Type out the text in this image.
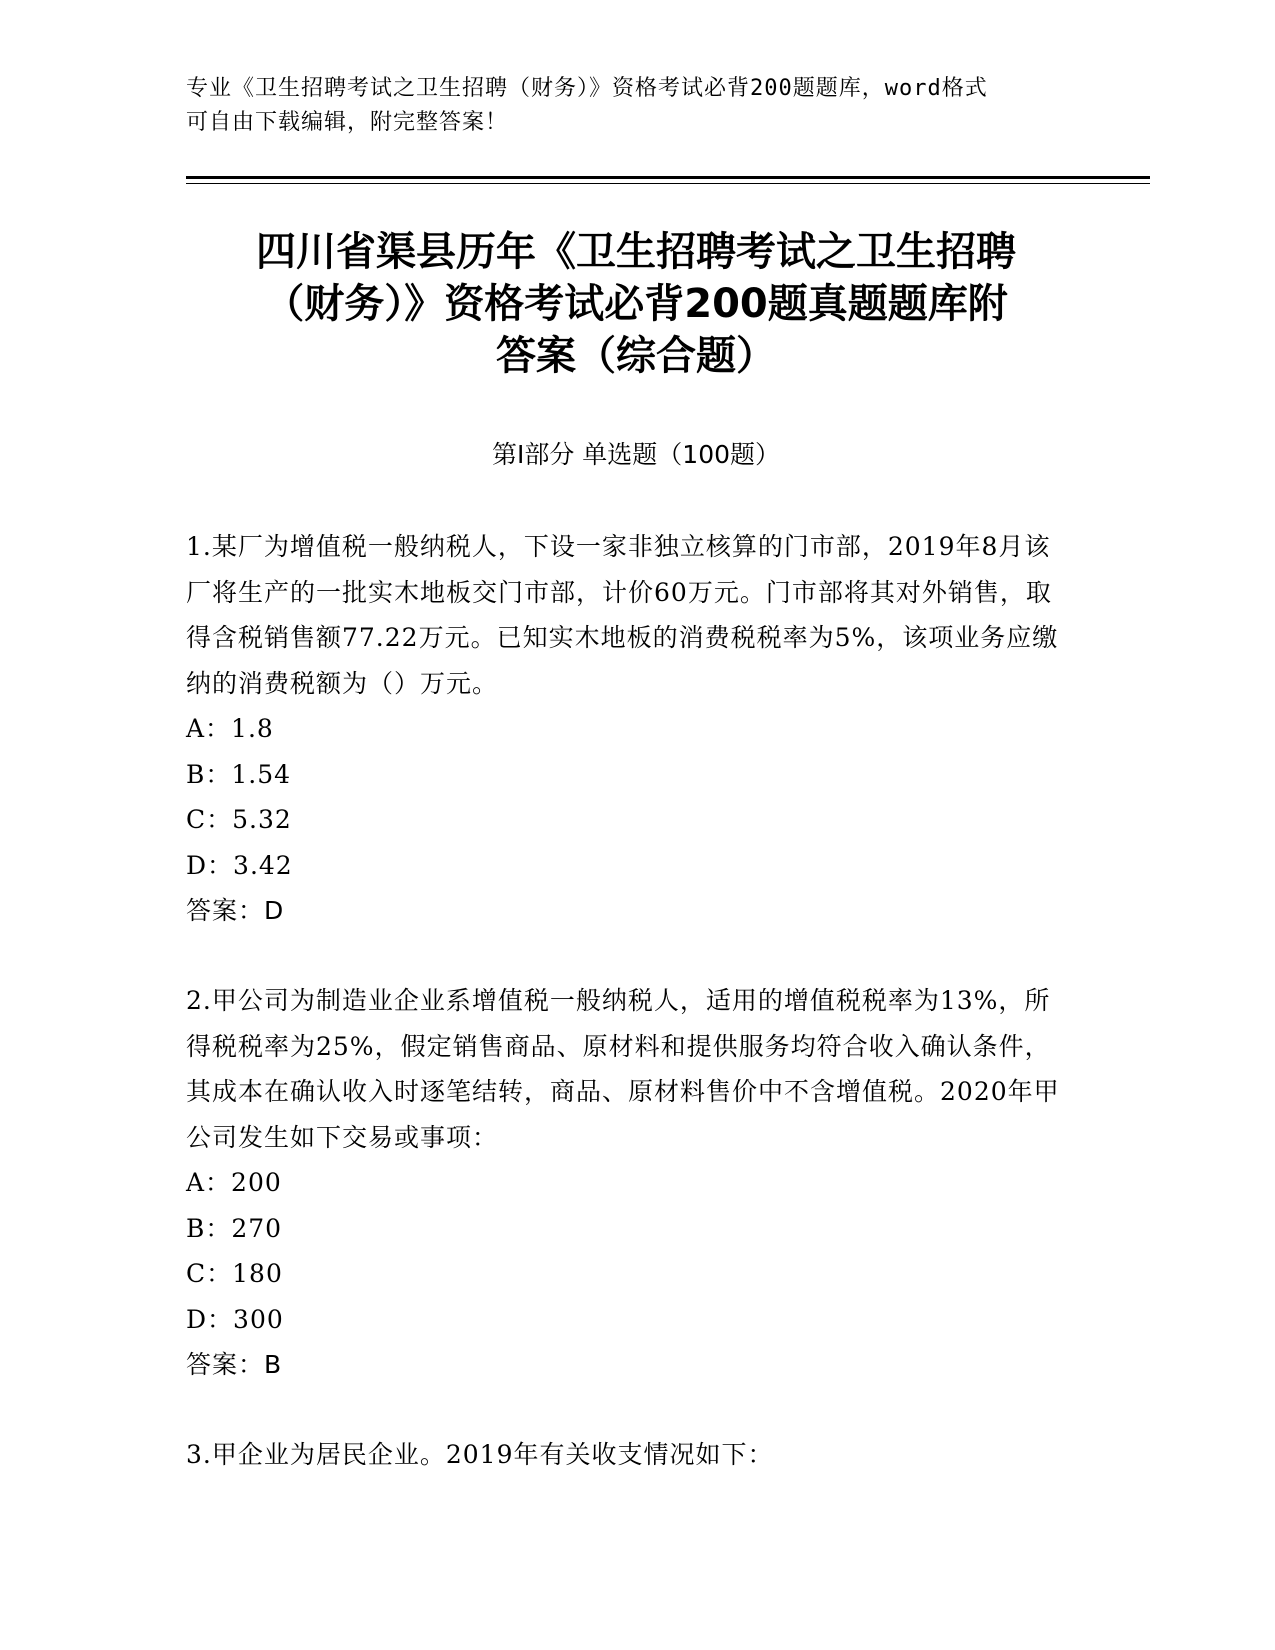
专业《卫生招聘考试之卫生招聘（财务）》资格考试必背200题题库，word格式
可自由下载编辑，附完整答案！
四川省渠县历年《卫生招聘考试之卫生招聘
（财务）》资格考试必背200题真题题库附
答案（综合题）
第Ⅰ部分 单选题（100题）
1.某厂为增值税一般纳税人，下设一家非独立核算的门市部，2019年8月该厂将生产的一批实木地板交门市部，计价60万元。门市部将其对外销售，取得含税销售额77.22万元。已知实木地板的消费税税率为5%，该项业务应缴纳的消费税额为（）万元。
A：1.8
B：1.54
C：5.32
D：3.42
答案：D
2.甲公司为制造业企业系增值税一般纳税人，适用的增值税税率为13%，所得税税率为25%，假定销售商品、原材料和提供服务均符合收入确认条件，其成本在确认收入时逐笔结转，商品、原材料售价中不含增值税。2020年甲公司发生如下交易或事项：
A：200
B：270
C：180
D：300
答案：B
3.甲企业为居民企业。2019年有关收支情况如下：
